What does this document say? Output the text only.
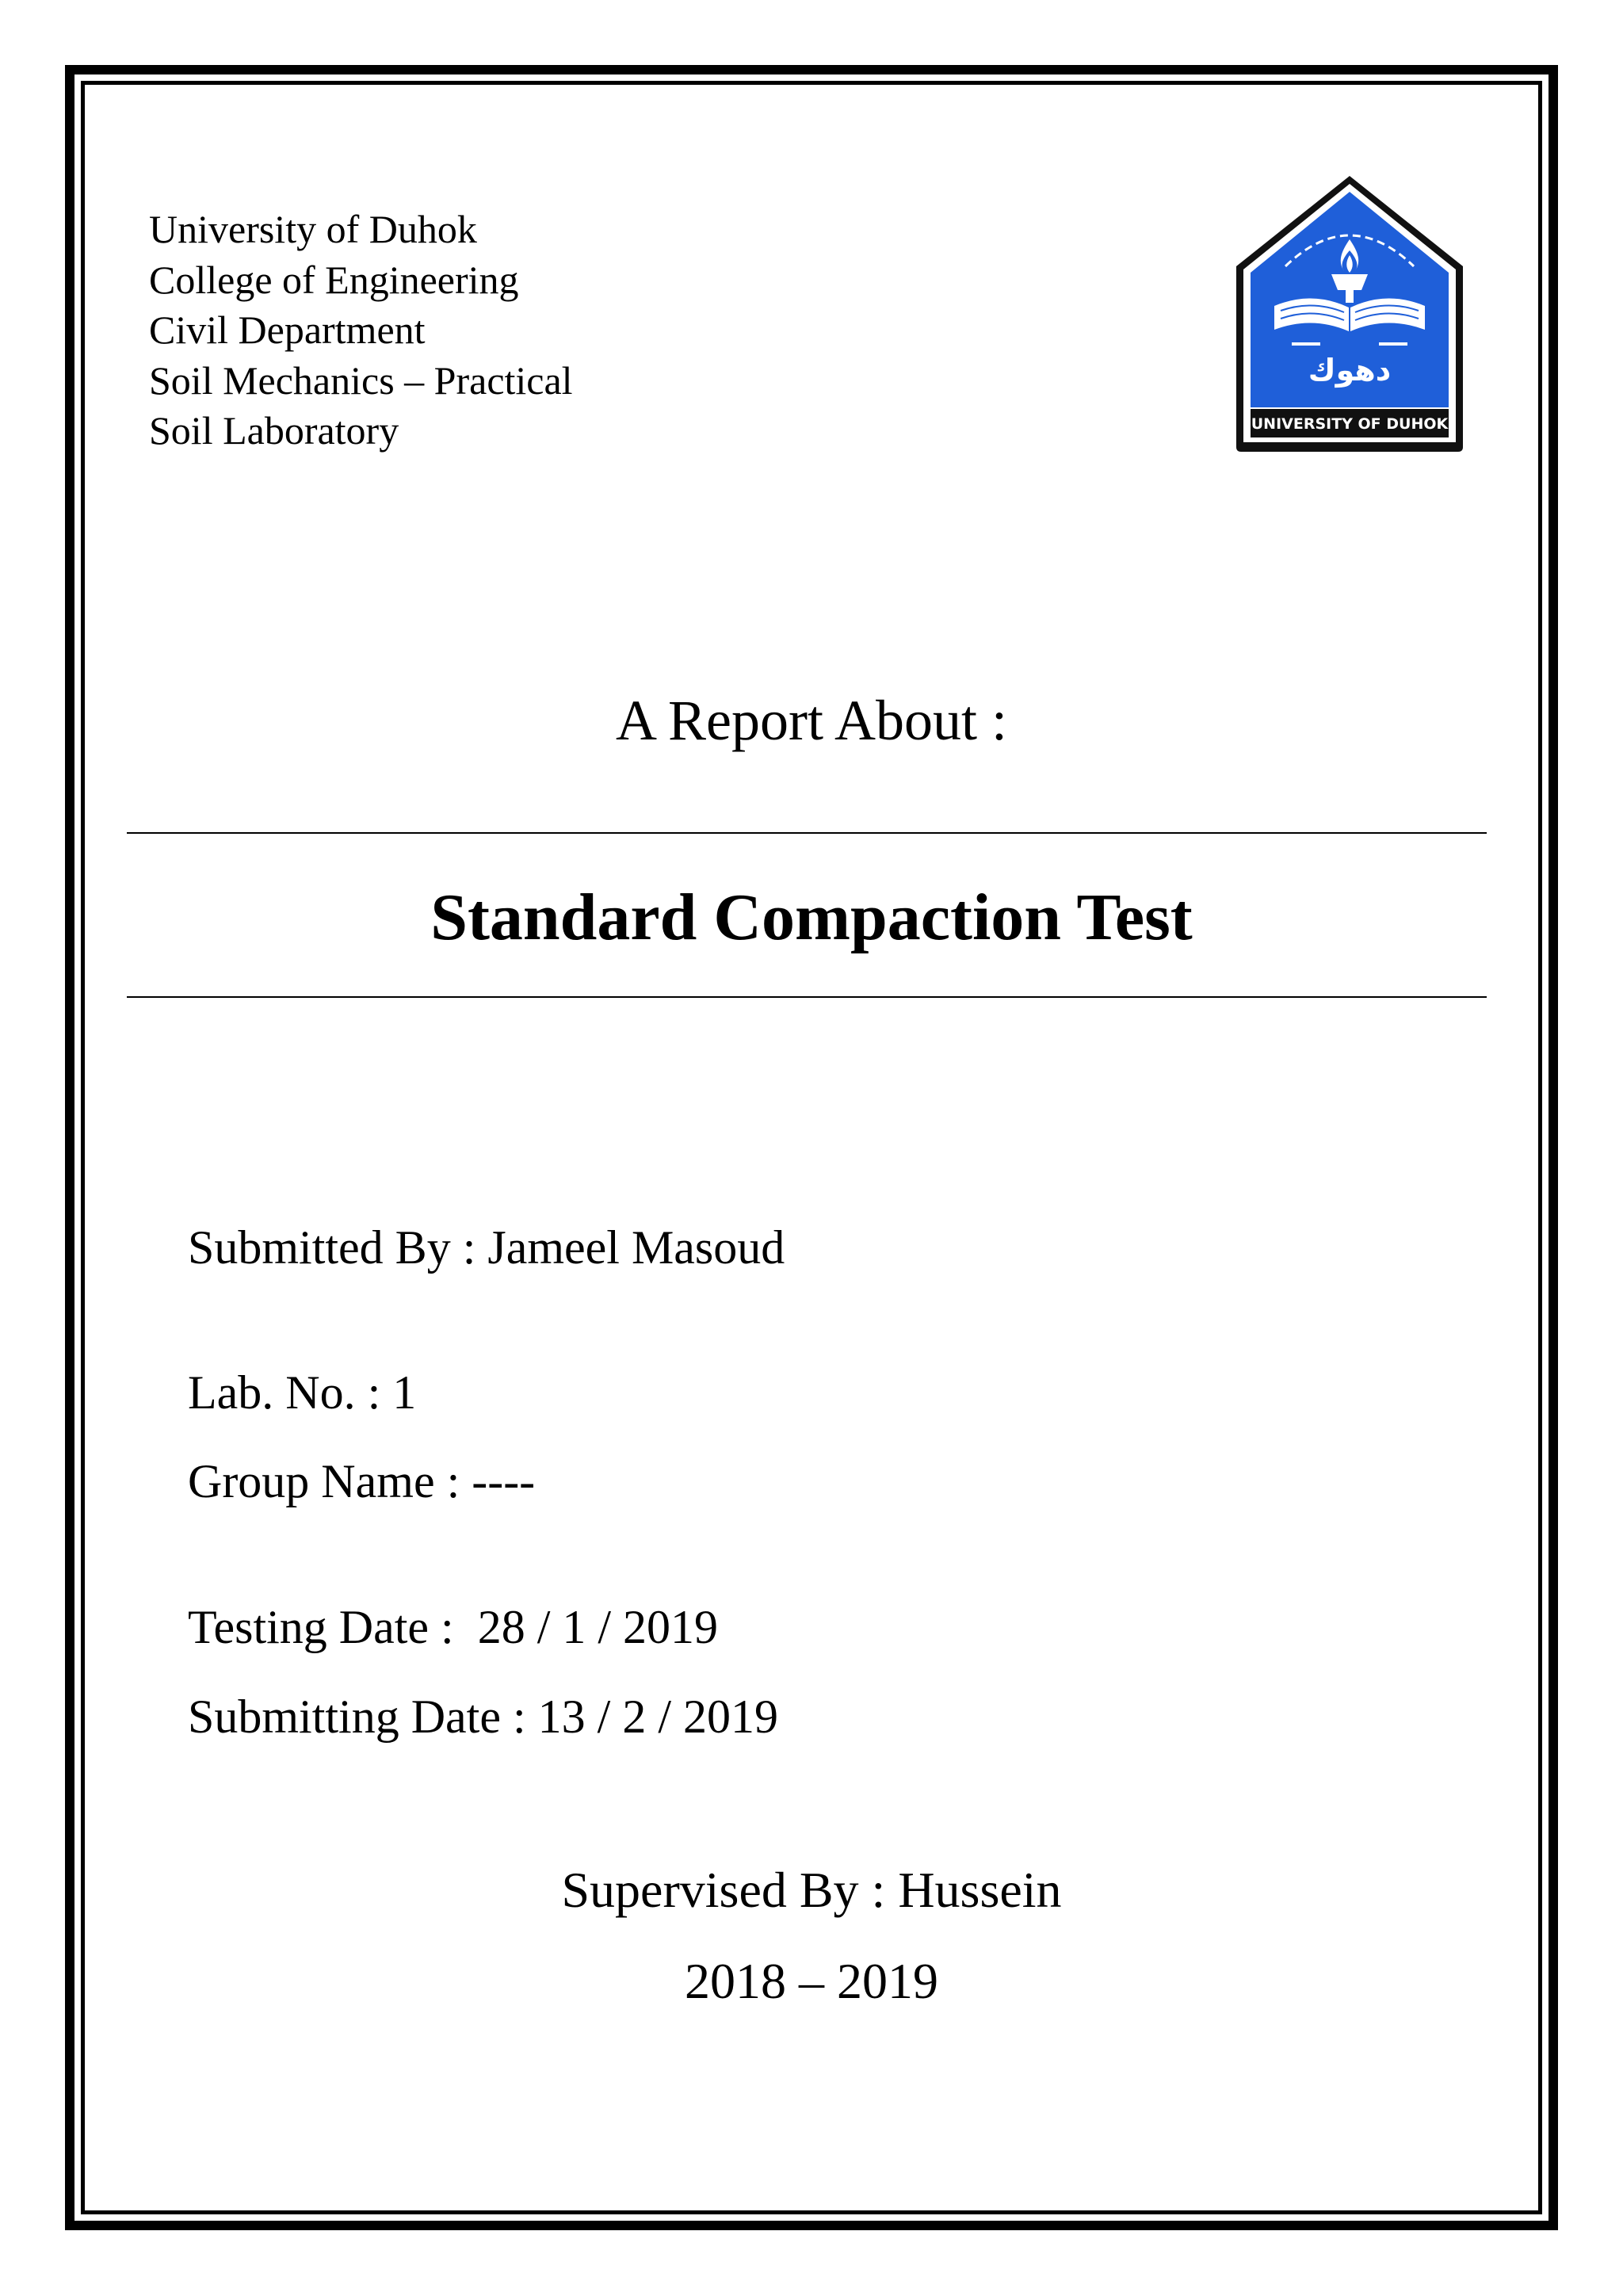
University of Duhok
College of Engineering
Civil Department
Soil Mechanics – Practical
Soil Laboratory	UNIVERSITY OF DUHOK
دهوك
A Report About :
Standard Compaction Test
Submitted By : Jameel Masoud
Lab. No. : 1
Group Name : ----
Testing Date :  28 / 1 / 2019
Submitting Date : 13 / 2 / 2019
Supervised By : Hussein
2018 – 2019
